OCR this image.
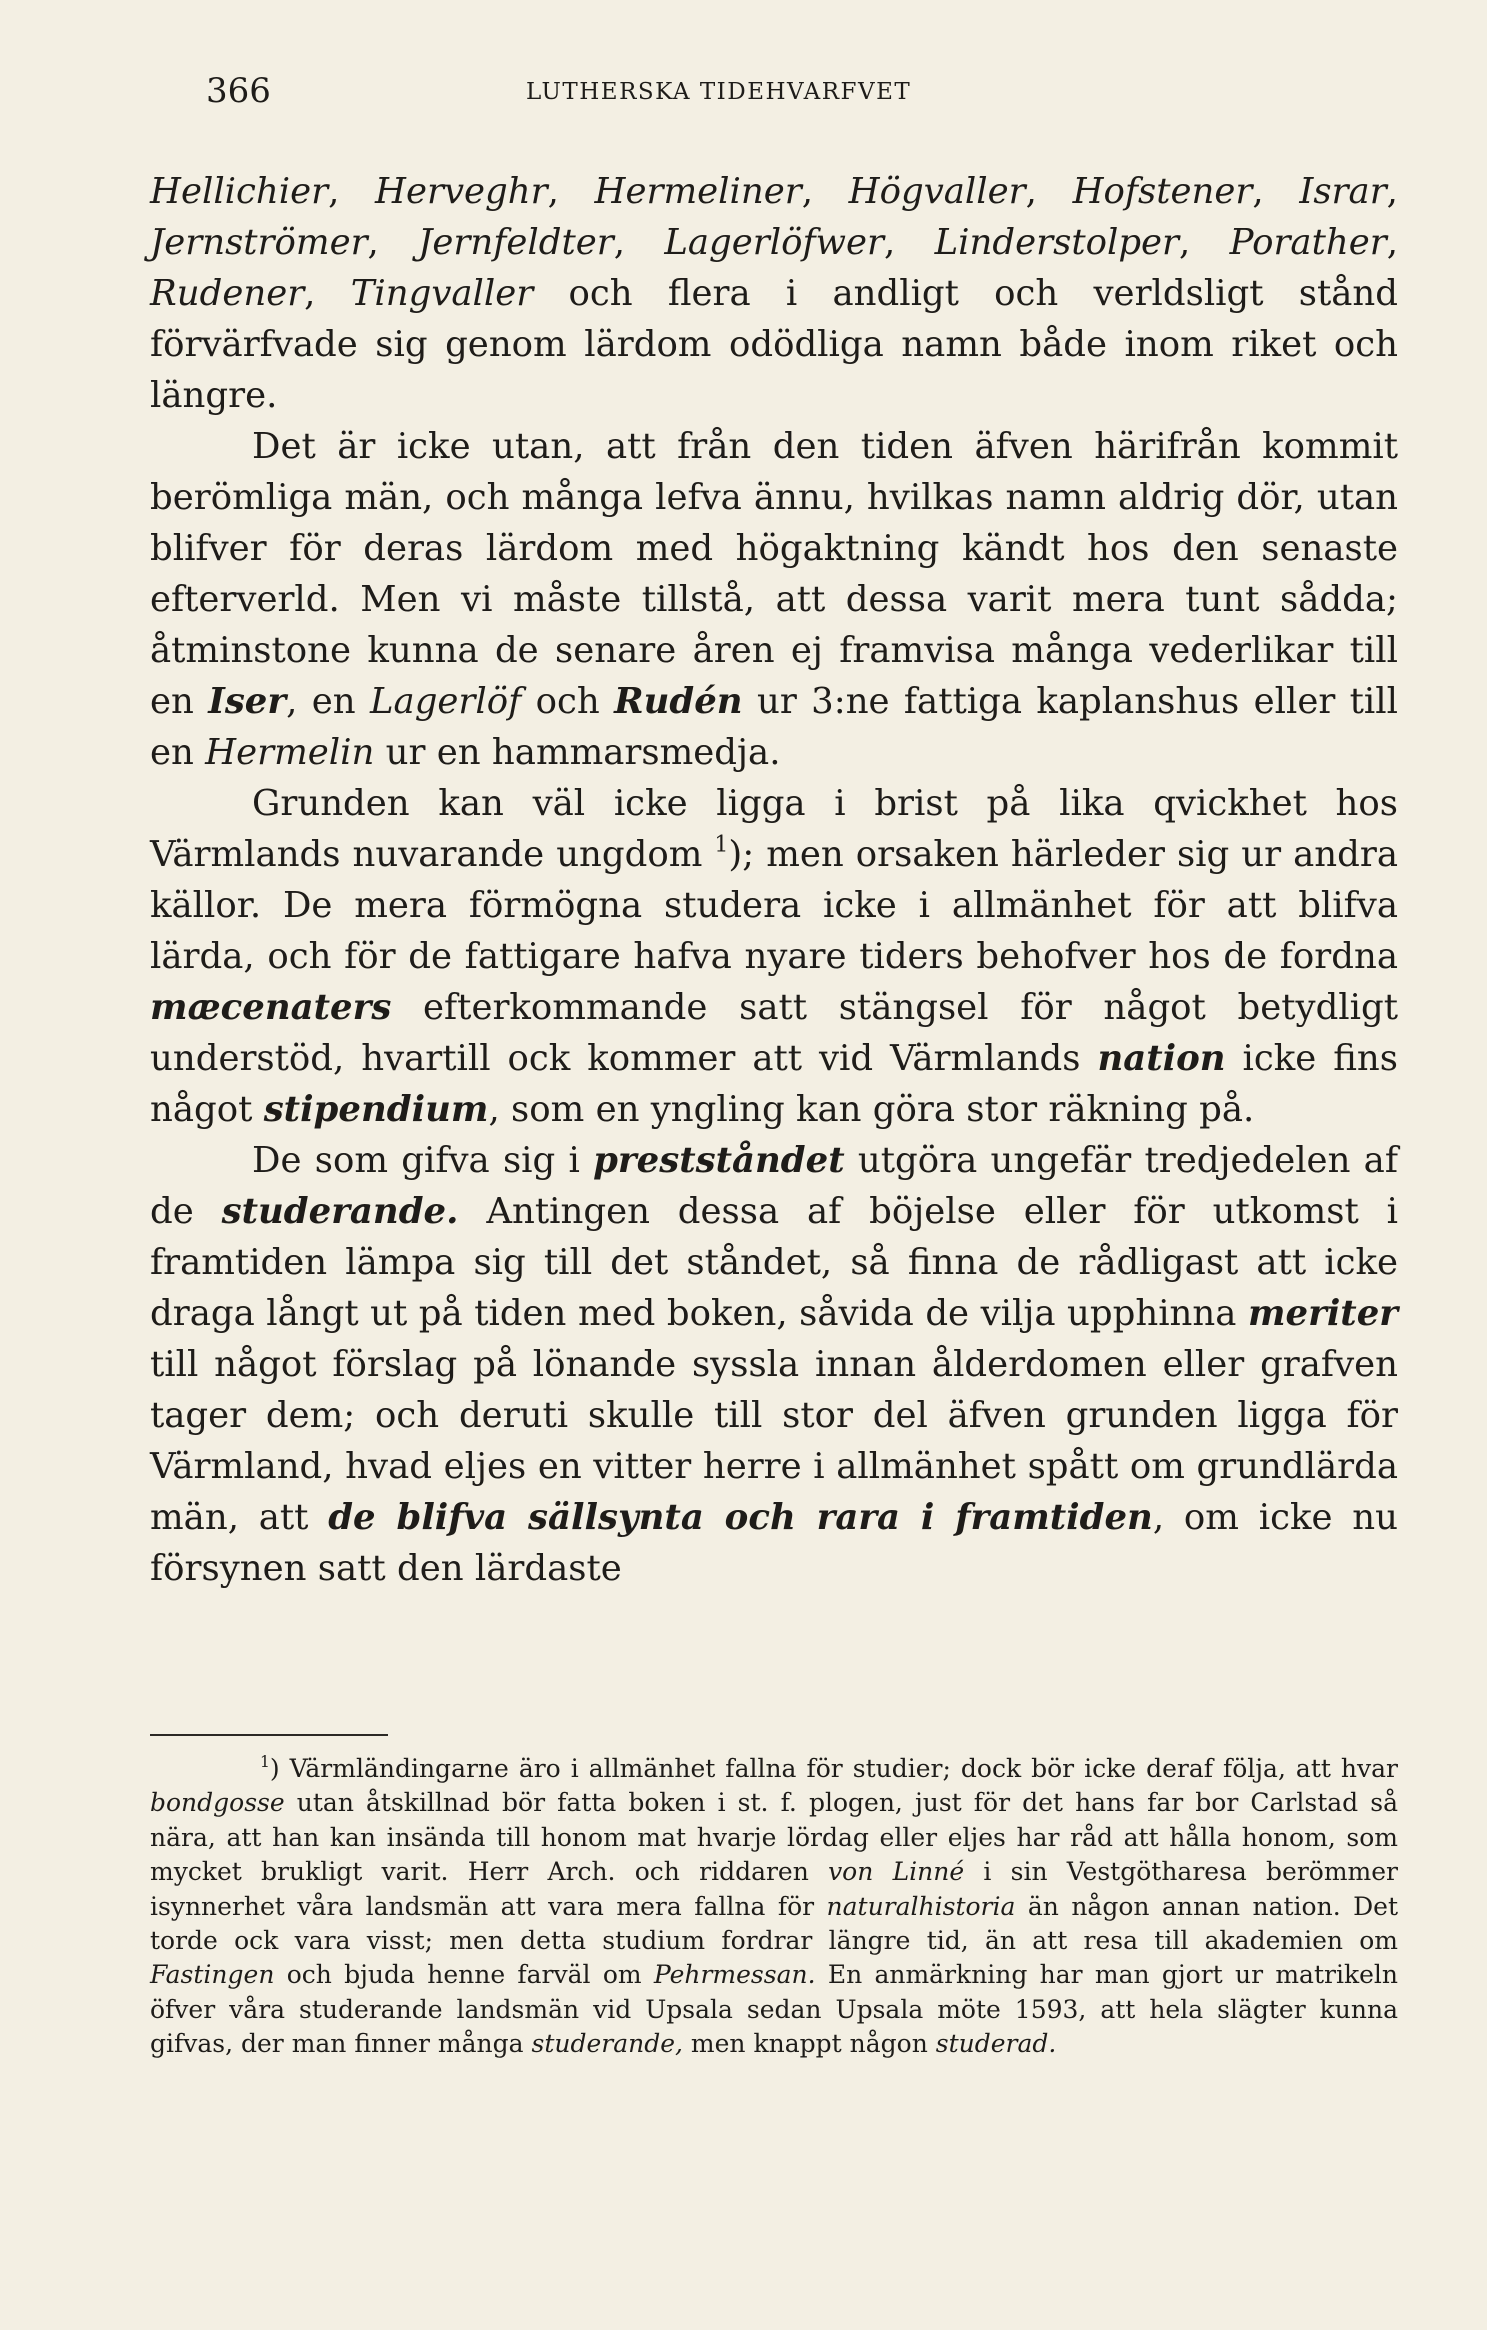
366	LUTHERSKA TIDEHVARFVET

Hellichier, Herveghr, Hermeliner, Högvaller, Hofstener, Israr, Jernströmer, Jernfeldter, Lagerlöfwer, Linderstolper, Porather, Rudener, Tingvaller och flera i andligt och verldsligt stånd förvärfvade sig genom lärdom odödliga namn både inom riket och längre.

Det är icke utan, att från den tiden äfven härifrån kommit berömliga män, och många lefva ännu, hvilkas namn aldrig dör, utan blifver för deras lärdom med högaktning kändt hos den senaste efterverld. Men vi måste tillstå, att dessa varit mera tunt sådda; åtminstone kunna de senare åren ej framvisa många vederlikar till en Iser, en Lagerlöf och Rudén ur 3:ne fattiga kaplanshus eller till en Hermelin ur en hammarsmedja.

Grunden kan väl icke ligga i brist på lika qvickhet hos Värmlands nuvarande ungdom $^1$); men orsaken härleder sig ur andra källor. De mera förmögna studera icke i allmänhet för att blifva lärda, och för de fattigare hafva nyare tiders behofver hos de fordna mæcenaters efterkommande satt stängsel för något betydligt understöd, hvartill ock kommer att vid Värmlands nation icke fins något stipendium, som en yngling kan göra stor räkning på.

De som gifva sig i prestståndet utgöra ungefär tredjedelen af de studerande. Antingen dessa af böjelse eller för utkomst i framtiden lämpa sig till det ståndet, så finna de rådligast att icke draga långt ut på tiden med boken, såvida de vilja upphinna meriter till något förslag på lönande syssla innan ålderdomen eller grafven tager dem; och deruti skulle till stor del äfven grunden ligga för Värmland, hvad eljes en vitter herre i allmänhet spått om grundlärda män, att de blifva sällsynta och rara i framtiden, om icke nu försynen satt den lärdaste

$^1$) Värmländingarne äro i allmänhet fallna för studier; dock bör icke deraf följa, att hvar bondgosse utan åtskillnad bör fatta boken i st. f. plogen, just för det hans far bor Carlstad så nära, att han kan insända till honom mat hvarje lördag eller eljes har råd att hålla honom, som mycket brukligt varit. Herr Arch. och riddaren von Linné i sin Vestgötharesa berömmer isynnerhet våra landsmän att vara mera fallna för naturalhistoria än någon annan nation. Det torde ock vara visst; men detta studium fordrar längre tid, än att resa till akademien om Fastingen och bjuda henne farväl om Pehrmessan. En anmärkning har man gjort ur matrikeln öfver våra studerande landsmän vid Upsala sedan Upsala möte 1593, att hela slägter kunna gifvas, der man finner många studerande, men knappt någon studerad.
